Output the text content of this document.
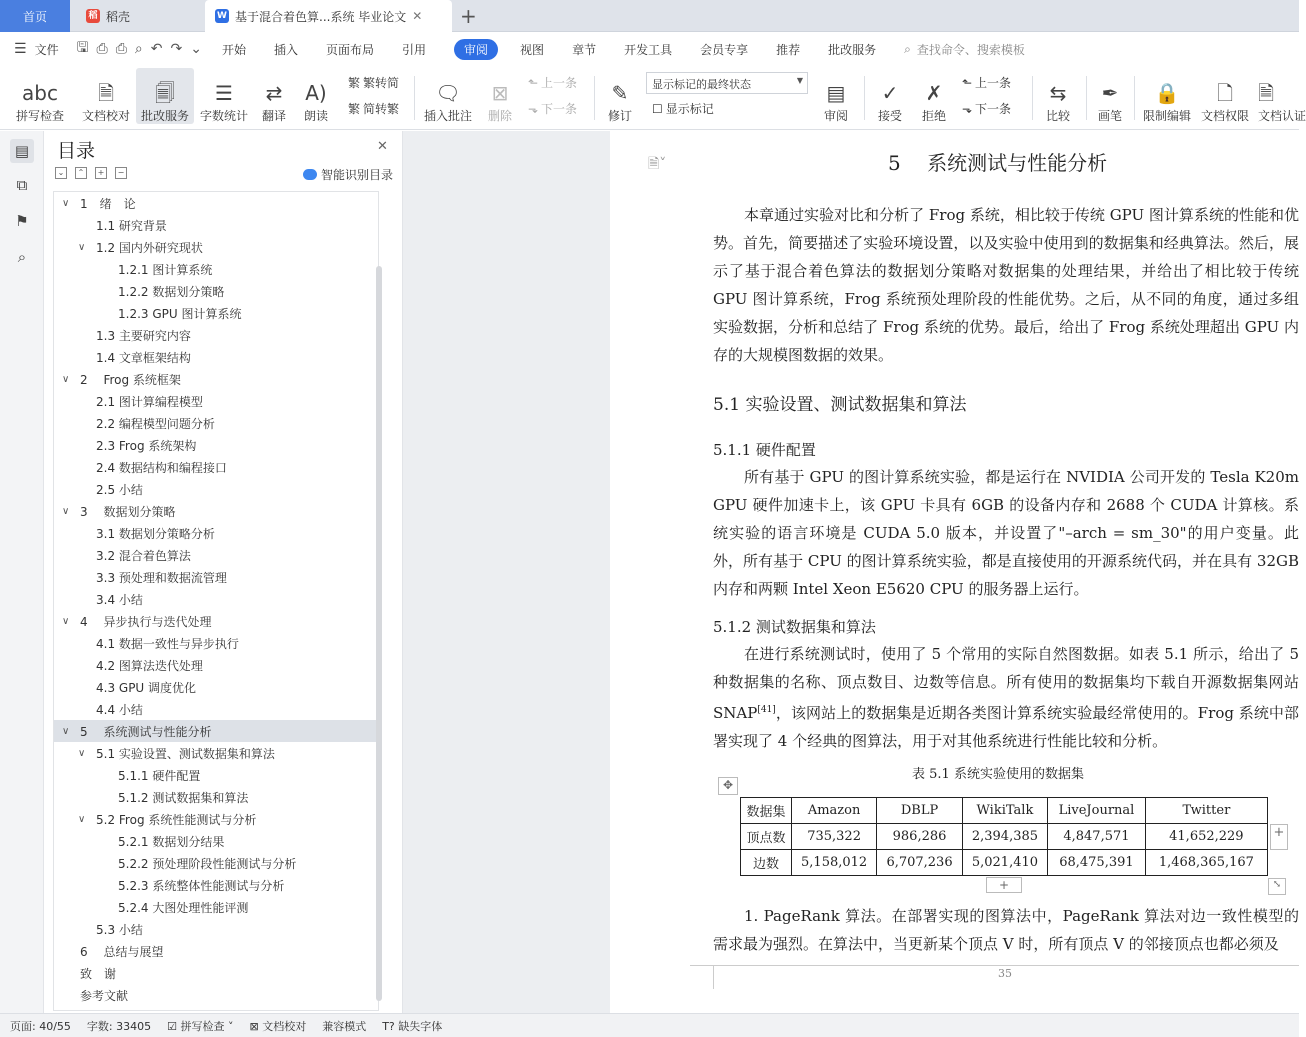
首页	稻 稻壳	W 基于混合着色算...系统 毕业论文 ✕ +
☰ 文件 🖫 ⎙ ⎙ ⌕ ↶ ↷ ⌄ 开始 插入 页面布局 引用	审阅	视图 章节 开发工具 会员专享 推荐 批改服务 ⌕ 查找命令、搜索模板
abc
拼写检查
🗎
文档校对
🗐
批改服务
☰
字数统计
⇄
翻译
A)
朗读
繁 繁转简
繁 简转繁
🗨
插入批注
⊠
删除
⬑ 上一条
⬎ 下一条
✎
修订
显示标记的最终状态	▼
☐ 显示标记
▤
审阅
✓
接受
✗
拒绝
⬑ 上一条
⬎ 下一条
⇆
比较
✒
画笔
🔒
限制编辑
🗋
文档权限
🗎
文档认证
▤
⧉
⚑
⌕
目录	✕
⌄	⌃	+	−	智能识别目录
∨ 1　绪　论
1.1 研究背景
∨ 1.2 国内外研究现状
1.2.1 图计算系统
1.2.2 数据划分策略
1.2.3 GPU 图计算系统
1.3 主要研究内容
1.4 文章框架结构
∨ 2　 Frog 系统框架
2.1 图计算编程模型
2.2 编程模型问题分析
2.3 Frog 系统架构
2.4 数据结构和编程接口
2.5 小结
∨ 3　 数据划分策略
3.1 数据划分策略分析
3.2 混合着色算法
3.3 预处理和数据流管理
3.4 小结
∨ 4　 异步执行与迭代处理
4.1 数据一致性与异步执行
4.2 图算法迭代处理
4.3 GPU 调度优化
4.4 小结
∨ 5　 系统测试与性能分析
∨ 5.1 实验设置、测试数据集和算法
5.1.1 硬件配置
5.1.2 测试数据集和算法
∨ 5.2 Frog 系统性能测试与分析
5.2.1 数据划分结果
5.2.2 预处理阶段性能测试与分析
5.2.3 系统整体性能测试与分析
5.2.4 大图处理性能评测
5.3 小结
6　 总结与展望
致　谢
参考文献
🗎˅	5　 系统测试与性能分析
本章通过实验对比和分析了 Frog 系统，相比较于传统 GPU 图计算系统的性能和优势。首先，简要描述了实验环境设置，以及实验中使用到的数据集和经典算法。然后，展示了基于混合着色算法的数据划分策略对数据集的处理结果，并给出了相比较于传统 GPU 图计算系统，Frog 系统预处理阶段的性能优势。之后，从不同的角度，通过多组实验数据，分析和总结了 Frog 系统的优势。最后，给出了 Frog 系统处理超出 GPU 内存的大规模图数据的效果。
5.1 实验设置、测试数据集和算法
5.1.1 硬件配置
所有基于 GPU 的图计算系统实验，都是运行在 NVIDIA 公司开发的 Tesla K20m GPU 硬件加速卡上，该 GPU 卡具有 6GB 的设备内存和 2688 个 CUDA 计算核。系统实验的语言环境是 CUDA 5.0 版本，并设置了"–arch = sm_30"的用户变量。此外，所有基于 CPU 的图计算系统实验，都是直接使用的开源系统代码，并在具有 32GB 内存和两颗 Intel Xeon E5620 CPU 的服务器上运行。
5.1.2 测试数据集和算法
在进行系统测试时，使用了 5 个常用的实际自然图数据。如表 5.1 所示，给出了 5 种数据集的名称、顶点数目、边数等信息。所有使用的数据集均下载自开源数据集网站 SNAP[41]，该网站上的数据集是近期各类图计算系统实验最经常使用的。Frog 系统中部署实现了 4 个经典的图算法，用于对其他系统进行性能比较和分析。
表 5.1 系统实验使用的数据集
✥
数据集	Amazon	DBLP	WikiTalk	LiveJournal	Twitter
顶点数	735,322	986,286	2,394,385	4,847,571	41,652,229
边数	5,158,012	6,707,236	5,021,410	68,475,391	1,468,365,167
+
+	⤡
1. PageRank 算法。在部署实现的图算法中，PageRank 算法对边一致性模型的需求最为强烈。在算法中，当更新某个顶点 V 时，所有顶点 V 的邻接顶点也都必须及
35
页面: 40/55 字数: 33405 ☑ 拼写检查 ˅ ⊠ 文档校对 兼容模式 T? 缺失字体
